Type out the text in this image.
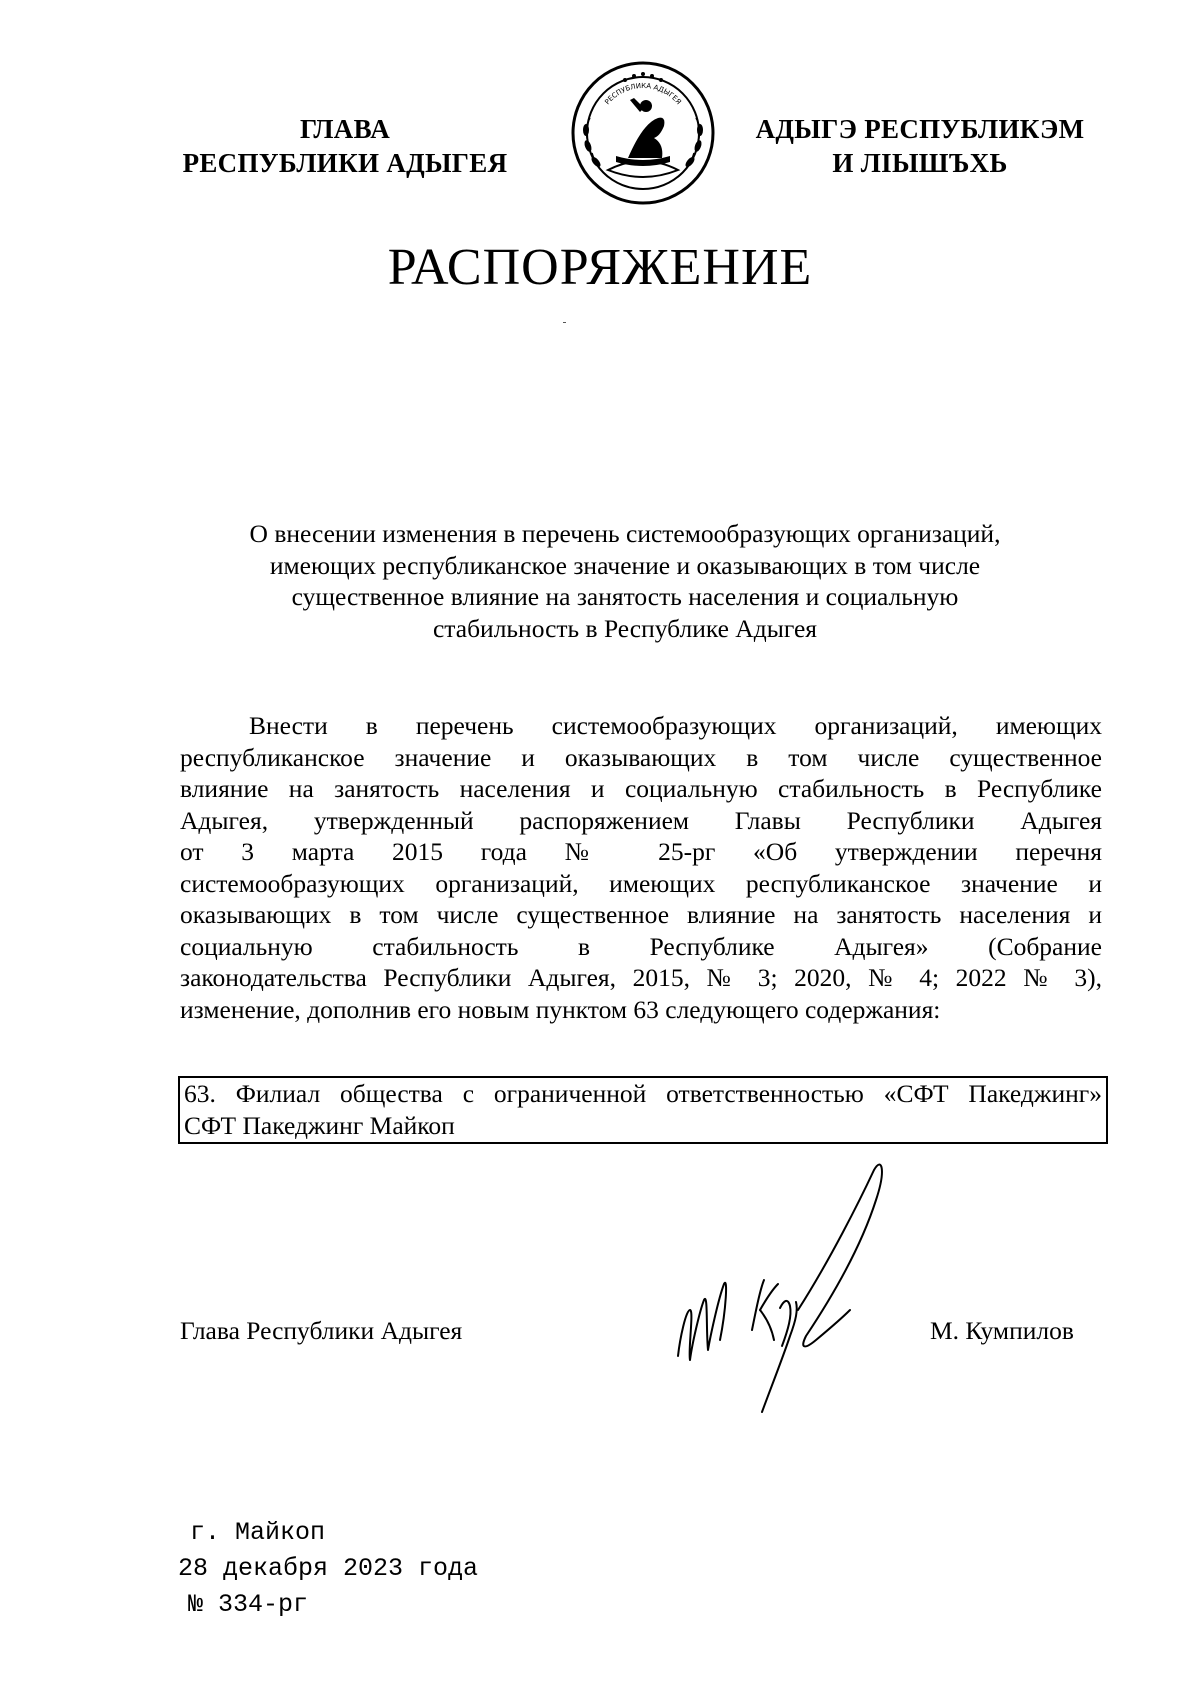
ГЛАВА
РЕСПУБЛИКИ АДЫГЕЯ
РЕСПУБЛИКА АДЫГЕЯ
АДЫГЭ РЕСПУБЛИКЭМ
И ЛІЫШЪХЬ
РАСПОРЯЖЕНИЕ
О внесении изменения в перечень системообразующих организаций,
имеющих республиканское значение и оказывающих в том числе
существенное влияние на занятость населения и социальную
стабильность в Республике Адыгея
Внести в перечень системообразующих организаций, имеющих
республиканское значение и оказывающих в том числе существенное
влияние на занятость населения и социальную стабильность в Республике
Адыгея, утвержденный распоряжением Главы Республики Адыгея
от 3 марта 2015 года № 25-рг «Об утверждении перечня
системообразующих организаций, имеющих республиканское значение и
оказывающих в том числе существенное влияние на занятость населения и
социальную стабильность в Республике Адыгея» (Собрание
законодательства Республики Адыгея, 2015, № 3; 2020, № 4; 2022 № 3),
изменение, дополнив его новым пунктом 63 следующего содержания:
63. Филиал общества с ограниченной ответственностью «СФТ Пакеджинг»
СФТ Пакеджинг Майкоп
Глава Республики Адыгея	М. Кумпилов
г. Майкоп
28 декабря 2023 года
№ 334-рг
